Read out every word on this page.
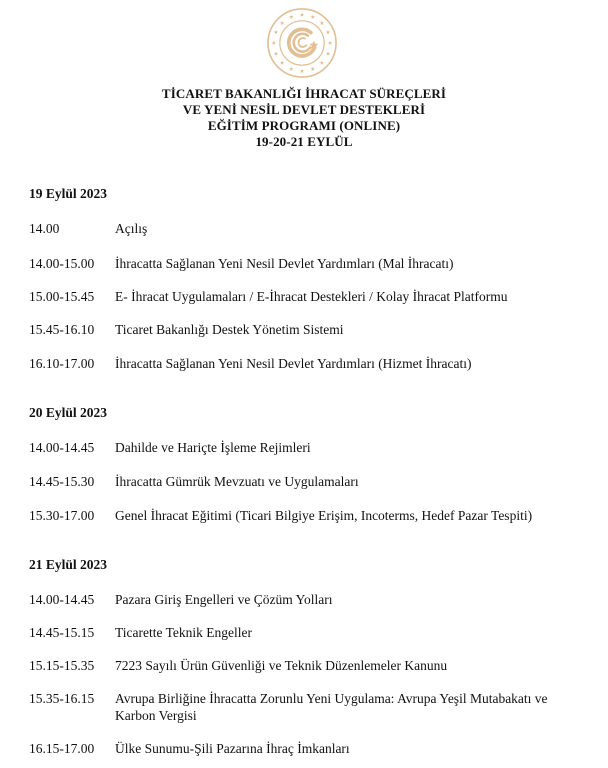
TİCARET BAKANLIĞI İHRACAT SÜREÇLERİ
VE YENİ NESİL DEVLET DESTEKLERİ
EĞİTİM PROGRAMI (ONLINE)
19-20-21 EYLÜL
19 Eylül 2023
14.00	Açılış
14.00-15.00	İhracatta Sağlanan Yeni Nesil Devlet Yardımları (Mal İhracatı)
15.00-15.45	E- İhracat Uygulamaları / E-İhracat Destekleri / Kolay İhracat Platformu
15.45-16.10	Ticaret Bakanlığı Destek Yönetim Sistemi
16.10-17.00	İhracatta Sağlanan Yeni Nesil Devlet Yardımları (Hizmet İhracatı)
20 Eylül 2023
14.00-14.45	Dahilde ve Hariçte İşleme Rejimleri
14.45-15.30	İhracatta Gümrük Mevzuatı ve Uygulamaları
15.30-17.00	Genel İhracat Eğitimi (Ticari Bilgiye Erişim, Incoterms, Hedef Pazar Tespiti)
21 Eylül 2023
14.00-14.45	Pazara Giriş Engelleri ve Çözüm Yolları
14.45-15.15	Ticarette Teknik Engeller
15.15-15.35	7223 Sayılı Ürün Güvenliği ve Teknik Düzenlemeler Kanunu
15.35-16.15	Avrupa Birliğine İhracatta Zorunlu Yeni Uygulama: Avrupa Yeşil Mutabakatı ve Karbon Vergisi
16.15-17.00	Ülke Sunumu-Şili Pazarına İhraç İmkanları
